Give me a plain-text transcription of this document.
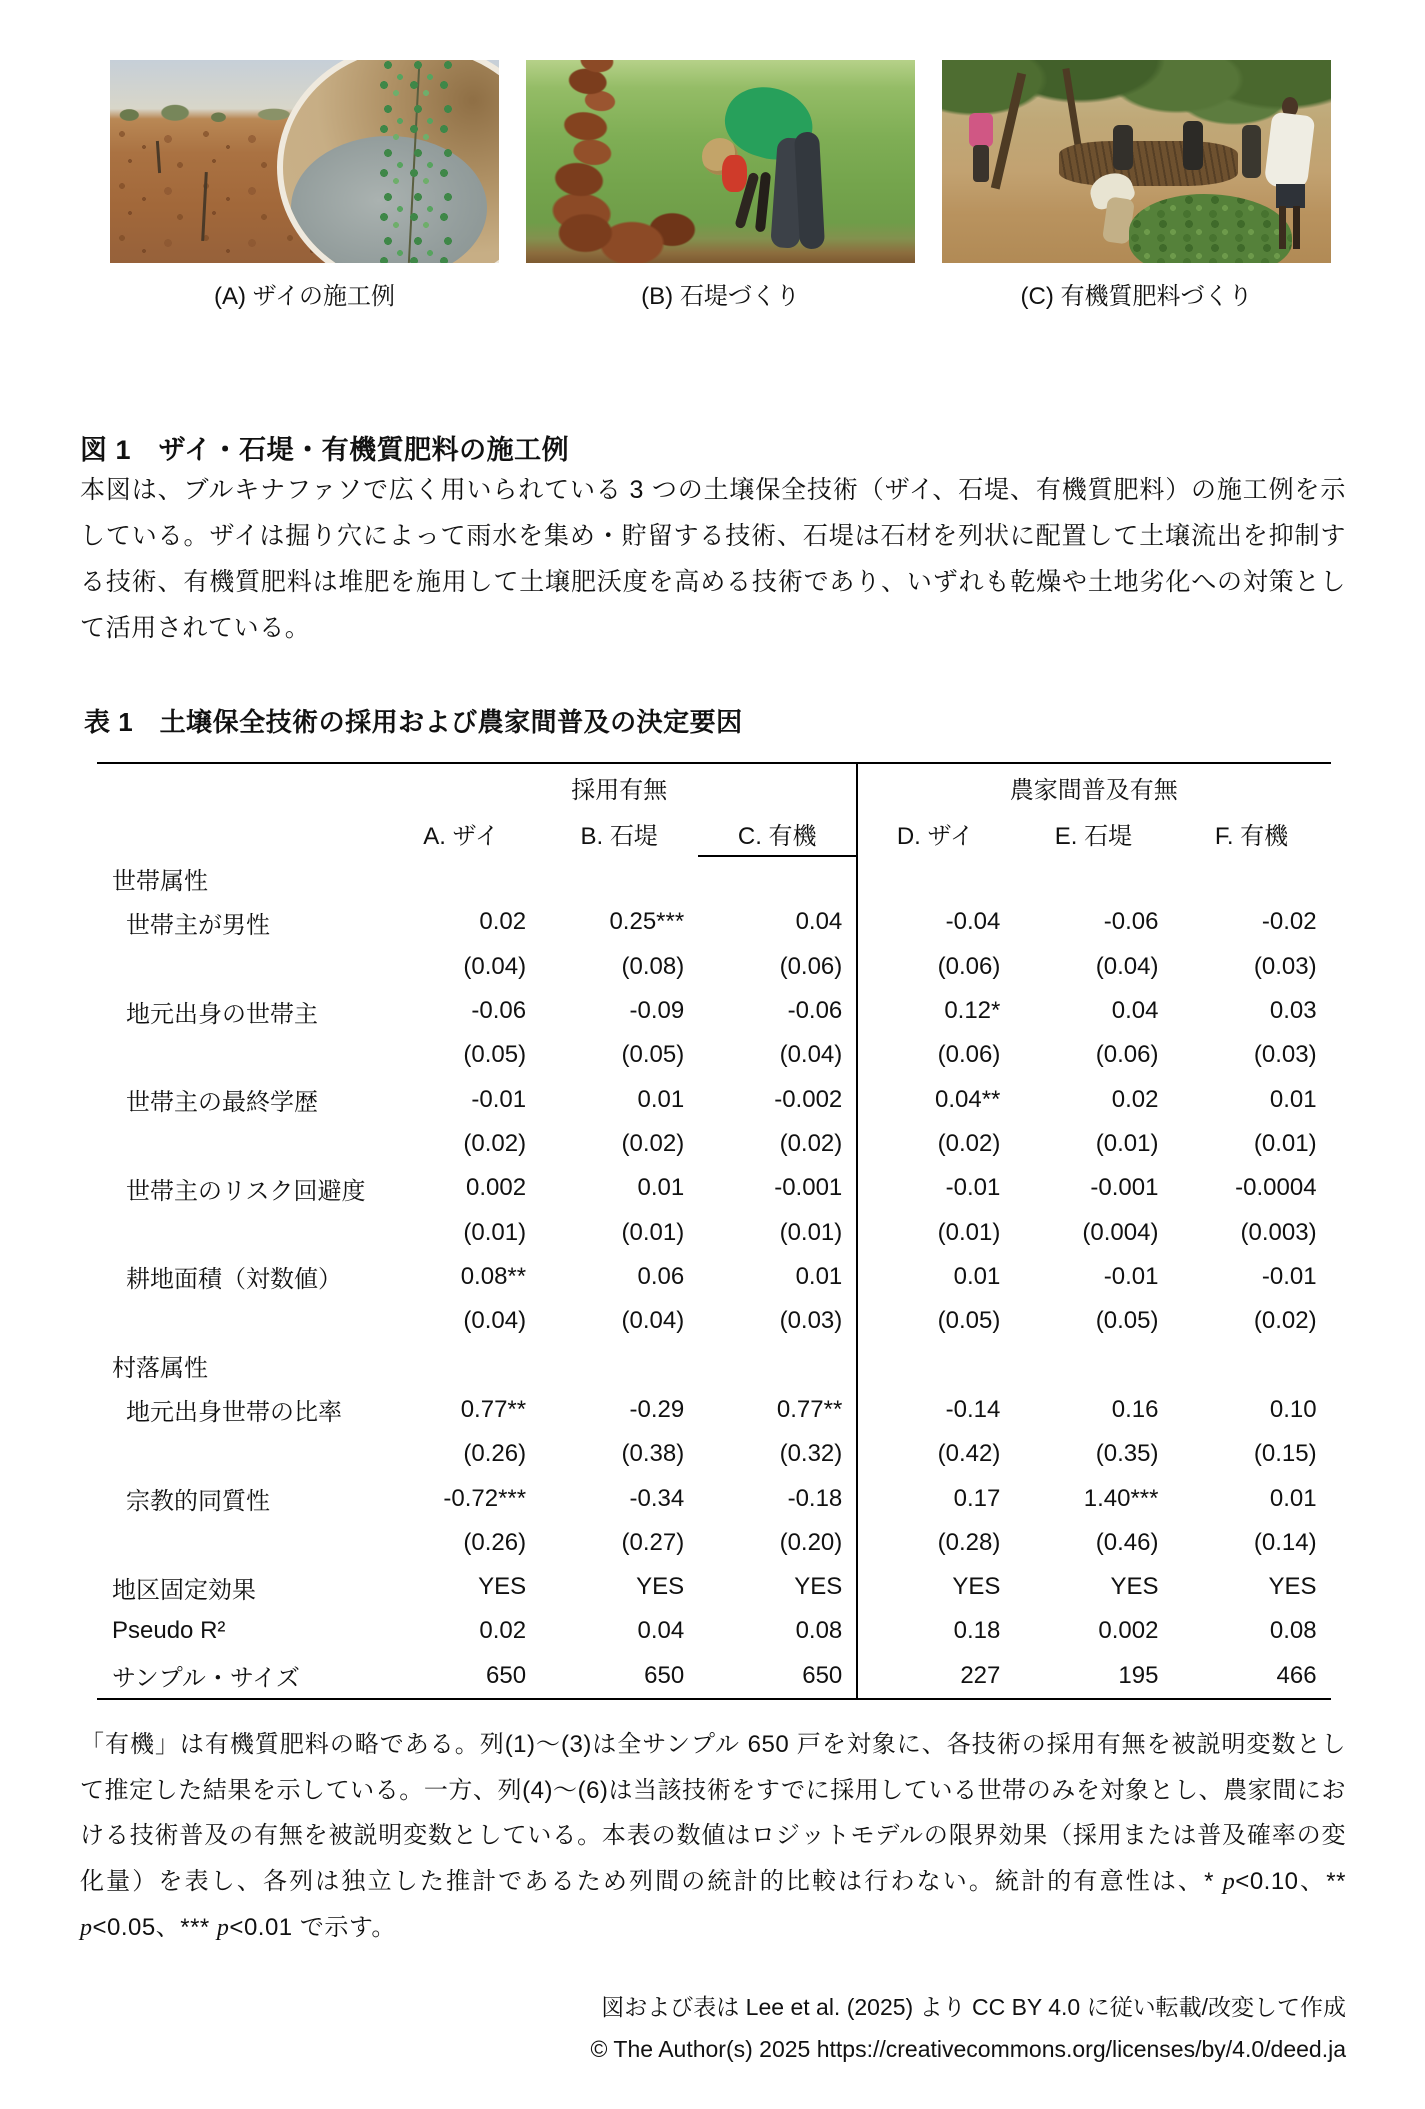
(A) ザイの施工例	(B) 石堤づくり	(C) 有機質肥料づくり
図 1　ザイ・石堤・有機質肥料の施工例

本図は、ブルキナファソで広く用いられている 3 つの土壌保全技術（ザイ、石堤、有機質肥料）の施工例を示している。ザイは掘り穴によって雨水を集め・貯留する技術、石堤は石材を列状に配置して土壌流出を抑制する技術、有機質肥料は堆肥を施用して土壌肥沃度を高める技術であり、いずれも乾燥や土地劣化への対策として活用されている。

表 1　土壌保全技術の採用および農家間普及の決定要因
採用有無	農家間普及有無
A. ザイ	B. 石堤	C. 有機	D. ザイ	E. 石堤	F. 有機
世帯属性
世帯主が男性	0.02	0.25***	0.04	-0.04	-0.06	-0.02
(0.04)	(0.08)	(0.06)	(0.06)	(0.04)	(0.03)
地元出身の世帯主	-0.06	-0.09	-0.06	0.12*	0.04	0.03
(0.05)	(0.05)	(0.04)	(0.06)	(0.06)	(0.03)
世帯主の最終学歴	-0.01	0.01	-0.002	0.04**	0.02	0.01
(0.02)	(0.02)	(0.02)	(0.02)	(0.01)	(0.01)
世帯主のリスク回避度	0.002	0.01	-0.001	-0.01	-0.001	-0.0004
(0.01)	(0.01)	(0.01)	(0.01)	(0.004)	(0.003)
耕地面積（対数値）	0.08**	0.06	0.01	0.01	-0.01	-0.01
(0.04)	(0.04)	(0.03)	(0.05)	(0.05)	(0.02)
村落属性
地元出身世帯の比率	0.77**	-0.29	0.77**	-0.14	0.16	0.10
(0.26)	(0.38)	(0.32)	(0.42)	(0.35)	(0.15)
宗教的同質性	-0.72***	-0.34	-0.18	0.17	1.40***	0.01
(0.26)	(0.27)	(0.20)	(0.28)	(0.46)	(0.14)
地区固定効果	YES	YES	YES	YES	YES	YES
Pseudo R²	0.02	0.04	0.08	0.18	0.002	0.08
サンプル・サイズ	650	650	650	227	195	466

「有機」は有機質肥料の略である。列(1)～(3)は全サンプル 650 戸を対象に、各技術の採用有無を被説明変数として推定した結果を示している。一方、列(4)～(6)は当該技術をすでに採用している世帯のみを対象とし、農家間における技術普及の有無を被説明変数としている。本表の数値はロジットモデルの限界効果（採用または普及確率の変化量）を表し、各列は独立した推計であるため列間の統計的比較は行わない。統計的有意性は、* p<0.10、** p<0.05、*** p<0.01 で示す。

図および表は Lee et al. (2025) より CC BY 4.0 に従い転載/改変して作成
© The Author(s) 2025 https://creativecommons.org/licenses/by/4.0/deed.ja
